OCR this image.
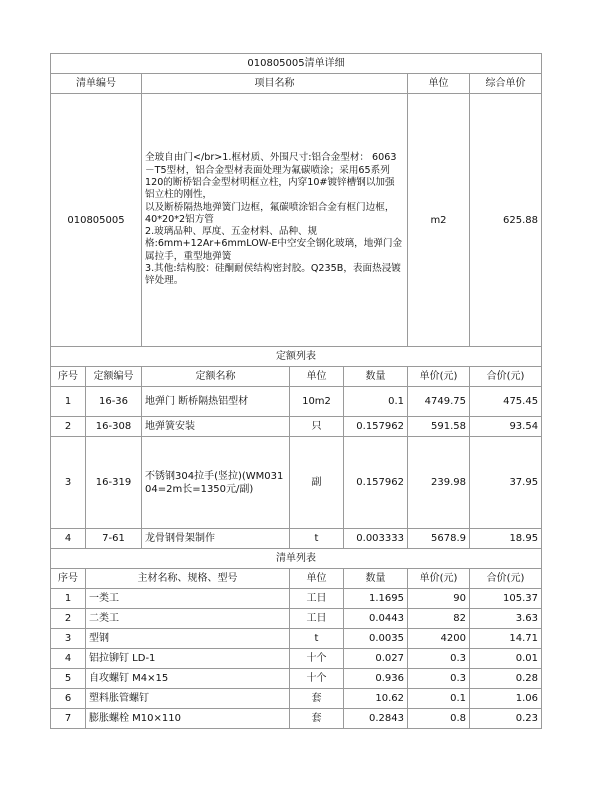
010805005清单详细			
清单编号	项目名称	单位	综合单价
010805005	全玻自由门</br>1.框材质、外围尺寸:铝合金型材： 6063－T5型材，铝合金型材表面处理为氟碳喷涂；采用65系列120的断桥铝合金型材明框立柱，内穿10#镀锌槽钢以加强铝立柱的刚性，
以及断桥隔热地弹簧门边框，氟碳喷涂铝合金有框门边框，40*20*2铝方管
2.玻璃品种、厚度、五金材料、品种、规格:6mm+12Ar+6mmLOW-E中空安全钢化玻璃，地弹门金属拉手，重型地弹簧
3.其他:结构胶：硅酮耐侯结构密封胶。Q235B，表面热浸镀锌处理。	m2	625.88
定额列表						
序号	定额编号	定额名称	单位	数量	单价(元)	合价(元)
1	16-36	地弹门 断桥隔热铝型材	10m2	0.1	4749.75	475.45
2	16-308	地弹簧安装	只	0.157962	591.58	93.54
3	16-319	不锈钢304拉手(竖拉)(WM03104=2m长=1350元/副)	副	0.157962	239.98	37.95
4	7-61	龙骨钢骨架制作	t	0.003333	5678.9	18.95
清单列表					
序号	主材名称、规格、型号	单位	数量	单价(元)	合价(元)
1	一类工	工日	1.1695	90	105.37
2	二类工	工日	0.0443	82	3.63
3	型钢	t	0.0035	4200	14.71
4	铝拉铆钉 LD-1	十个	0.027	0.3	0.01
5	自攻螺钉 M4×15	十个	0.936	0.3	0.28
6	塑料胀管螺钉	套	10.62	0.1	1.06
7	膨胀螺栓 M10×110	套	0.2843	0.8	0.23
